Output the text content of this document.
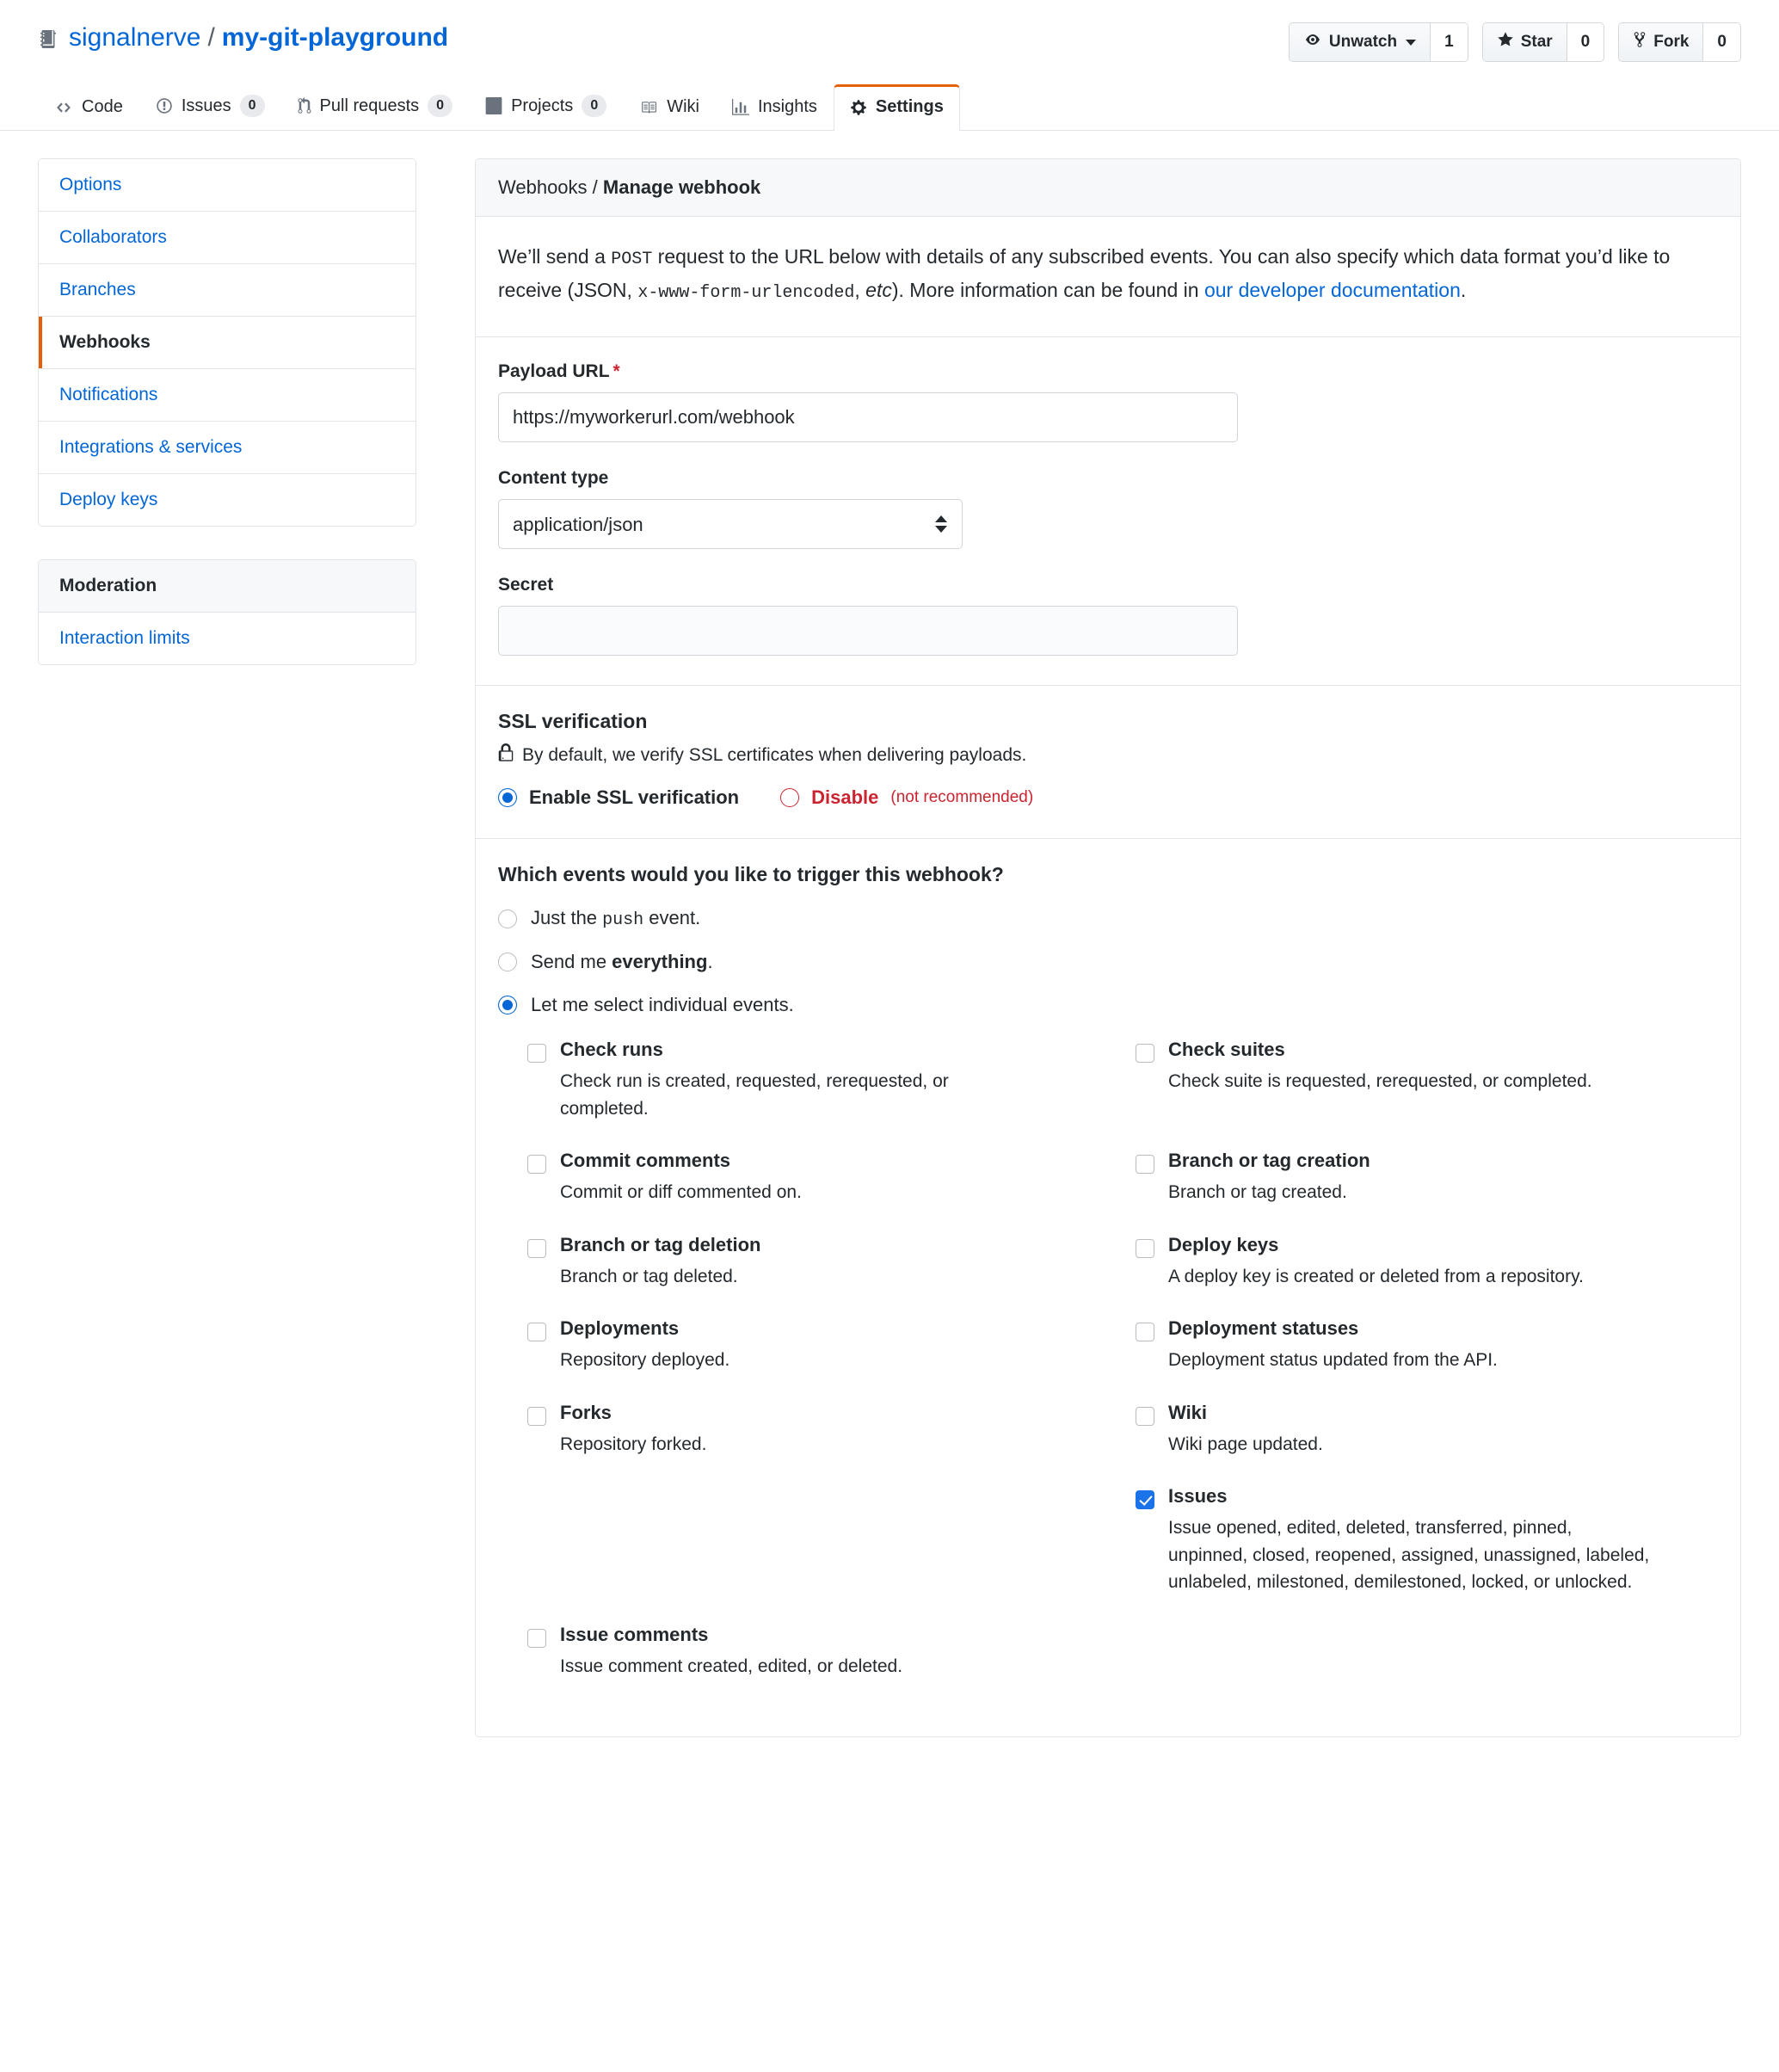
signalnerve / my-git-playground	Unwatch	1	Star	0	Fork	0
Code	Issues	0	Pull requests	0	Projects	0	Wiki	Insights	Settings
Options
Collaborators
Branches
Webhooks
Notifications
Integrations & services
Deploy keys
Moderation
Interaction limits
Webhooks / Manage webhook
We’ll send a POST request to the URL below with details of any subscribed events. You can also specify which data format you’d like to receive (JSON, x-www-form-urlencoded, etc). More information can be found in our developer documentation.
Payload URL *
https://myworkerurl.com/webhook
Content type
application/json
Secret
SSL verification
By default, we verify SSL certificates when delivering payloads.
Enable SSL verification	Disable (not recommended)
Which events would you like to trigger this webhook?
Just the push event.
Send me everything.
Let me select individual events.
Check runs
Check run is created, requested, rerequested, or completed.
Check suites
Check suite is requested, rerequested, or completed.
Commit comments
Commit or diff commented on.
Branch or tag creation
Branch or tag created.
Branch or tag deletion
Branch or tag deleted.
Deploy keys
A deploy key is created or deleted from a repository.
Deployments
Repository deployed.
Deployment statuses
Deployment status updated from the API.
Forks
Repository forked.
Wiki
Wiki page updated.
Issues
Issue opened, edited, deleted, transferred, pinned, unpinned, closed, reopened, assigned, unassigned, labeled, unlabeled, milestoned, demilestoned, locked, or unlocked.
Issue comments
Issue comment created, edited, or deleted.
